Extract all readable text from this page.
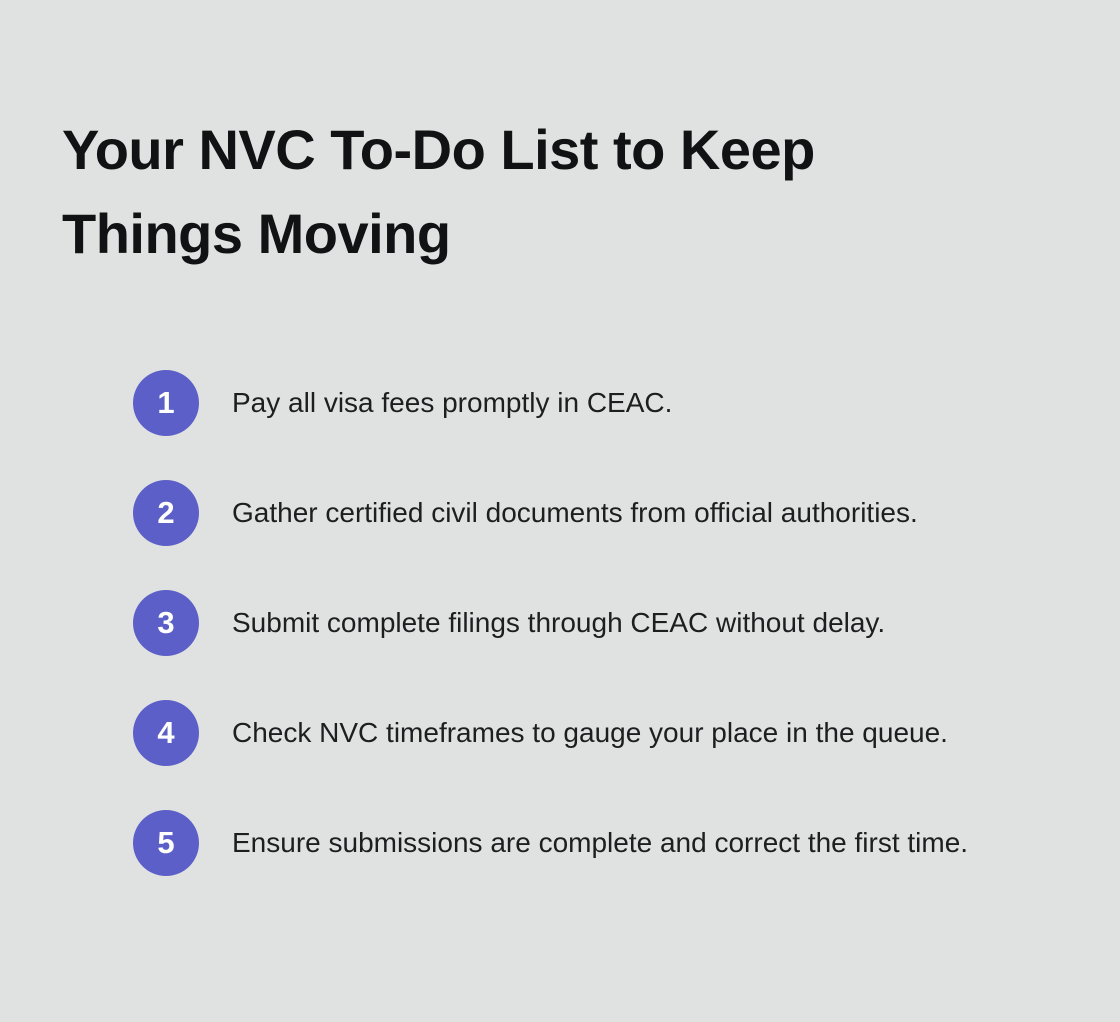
Your NVC To-Do List to Keep Things Moving
1	Pay all visa fees promptly in CEAC.
2	Gather certified civil documents from official authorities.
3	Submit complete filings through CEAC without delay.
4	Check NVC timeframes to gauge your place in the queue.
5	Ensure submissions are complete and correct the first time.
